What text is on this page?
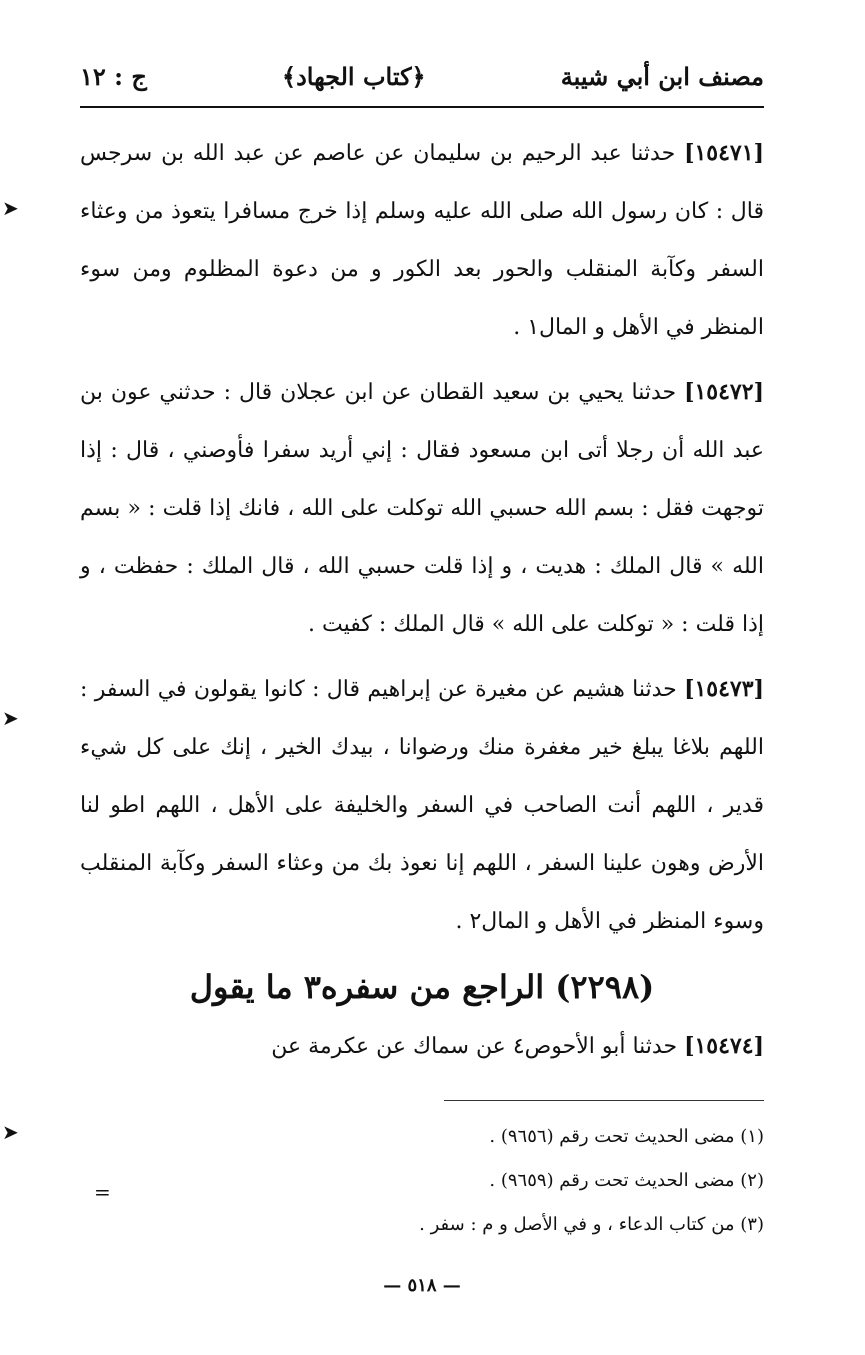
➤
➤
➤
=
مصنف ابن أبي شيبة
﴿كتاب الجهاد﴾
ج : ١٢

[١٥٤٧١] حدثنا عبد الرحيم بن سليمان عن عاصم عن عبد الله بن سرجس قال : كان رسول الله صلى الله عليه وسلم إذا خرج مسافرا يتعوذ من وعثاء السفر وكآبة المنقلب والحور بعد الكور و من دعوة المظلوم ومن سوء المنظر في الأهل و المال١ .

[١٥٤٧٢] حدثنا يحيي بن سعيد القطان عن ابن عجلان قال : حدثني عون بن عبد الله أن رجلا أتى ابن مسعود فقال : إني أريد سفرا فأوصني ، قال : إذا توجهت فقل : بسم الله حسبي الله توكلت على الله ، فانك إذا قلت : « بسم الله » قال الملك : هديت ، و إذا قلت حسبي الله ، قال الملك : حفظت ، و إذا قلت : « توكلت على الله » قال الملك : كفيت .

[١٥٤٧٣] حدثنا هشيم عن مغيرة عن إبراهيم قال : كانوا يقولون في السفر : اللهم بلاغا يبلغ خير مغفرة منك ورضوانا ، بيدك الخير ، إنك على كل شيء قدير ، اللهم أنت الصاحب في السفر والخليفة على الأهل ، اللهم اطو لنا الأرض وهون علينا السفر ، اللهم إنا نعوذ بك من وعثاء السفر وكآبة المنقلب وسوء المنظر في الأهل و المال٢ .

(٢٢٩٨) الراجع من سفره٣ ما يقول

[١٥٤٧٤] حدثنا أبو الأحوص٤ عن سماك عن عكرمة عن

(١) مضى الحديث تحت رقم (٩٦٥٦) .

(٢) مضى الحديث تحت رقم (٩٦٥٩) .

(٣) من كتاب الدعاء ، و في الأصل و م : سفر .

— ٥١٨ —
